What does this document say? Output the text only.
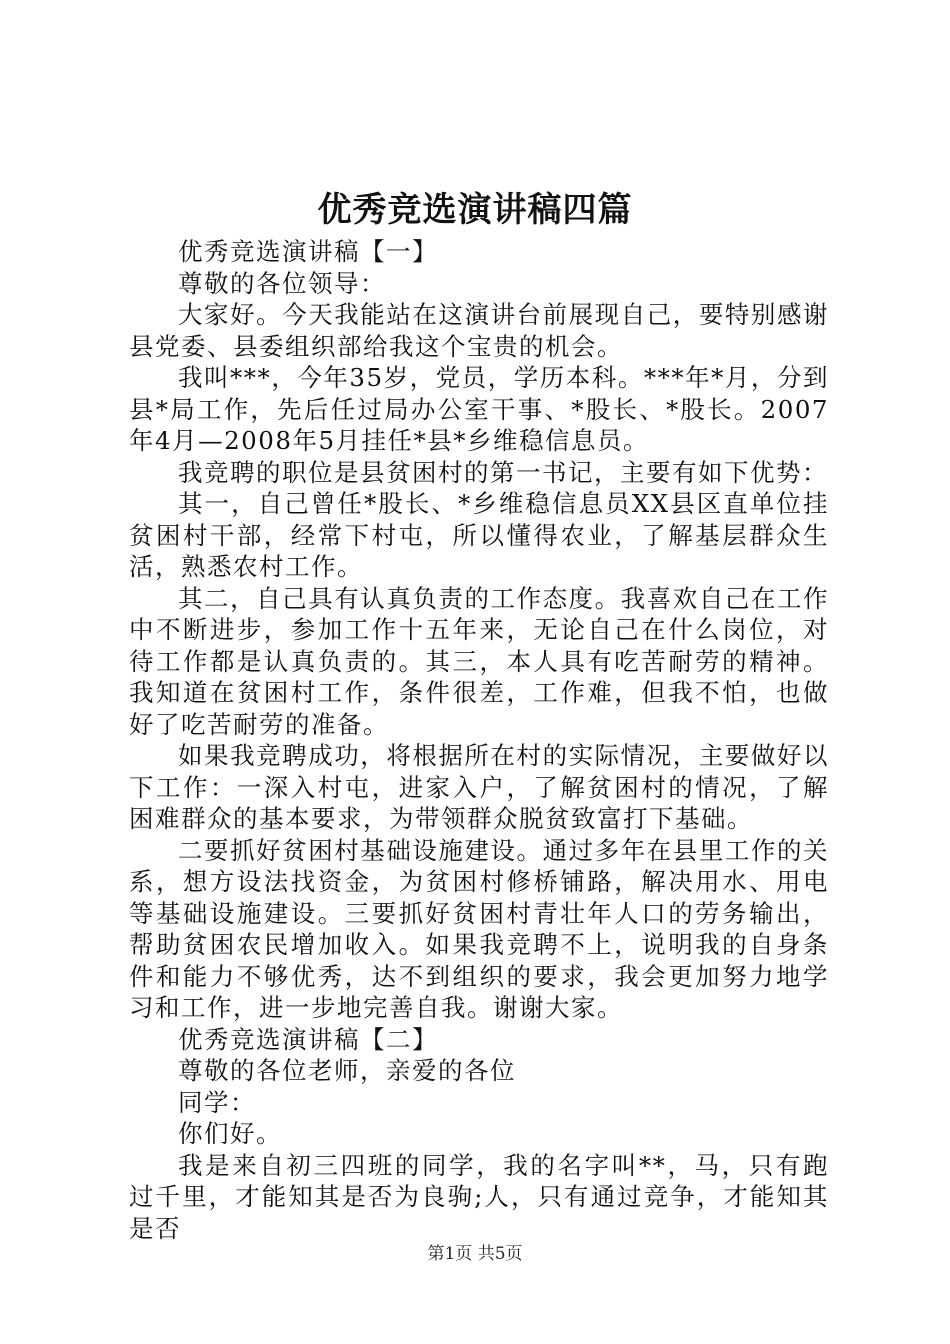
优秀竞选演讲稿四篇

优秀竞选演讲稿【一】

尊敬的各位领导：

大家好。今天我能站在这演讲台前展现自己，要特别感谢县党委、县委组织部给我这个宝贵的机会。

我叫***，今年35岁，党员，学历本科。***年*月，分到县*局工作，先后任过局办公室干事、*股长、*股长。2007年4月—2008年5月挂任*县*乡维稳信息员。

我竞聘的职位是县贫困村的第一书记，主要有如下优势：

其一，自己曾任*股长、*乡维稳信息员XX县区直单位挂贫困村干部，经常下村屯，所以懂得农业，了解基层群众生活，熟悉农村工作。

其二，自己具有认真负责的工作态度。我喜欢自己在工作中不断进步，参加工作十五年来，无论自己在什么岗位，对待工作都是认真负责的。其三，本人具有吃苦耐劳的精神。我知道在贫困村工作，条件很差，工作难，但我不怕，也做好了吃苦耐劳的准备。

如果我竞聘成功，将根据所在村的实际情况，主要做好以下工作：一深入村屯，进家入户，了解贫困村的情况，了解困难群众的基本要求，为带领群众脱贫致富打下基础。

二要抓好贫困村基础设施建设。通过多年在县里工作的关系，想方设法找资金，为贫困村修桥铺路，解决用水、用电等基础设施建设。三要抓好贫困村青壮年人口的劳务输出，帮助贫困农民增加收入。如果我竞聘不上，说明我的自身条件和能力不够优秀，达不到组织的要求，我会更加努力地学习和工作，进一步地完善自我。谢谢大家。

优秀竞选演讲稿【二】

尊敬的各位老师，亲爱的各位

同学：

你们好。

我是来自初三四班的同学，我的名字叫**，马，只有跑过千里，才能知其是否为良驹;人，只有通过竞争，才能知其是否

第1页 共5页
